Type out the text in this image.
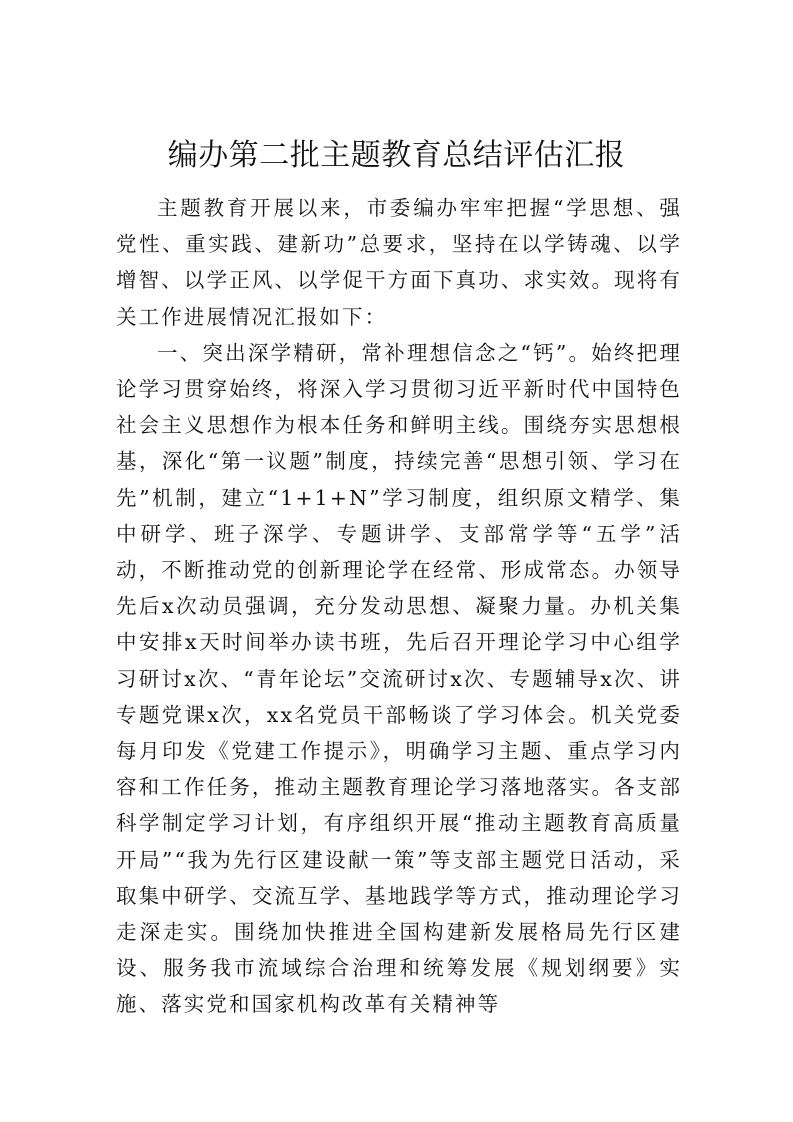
编办第二批主题教育总结评估汇报

主题教育开展以来，市委编办牢牢把握“学思想、强党性、重实践、建新功”总要求，坚持在以学铸魂、以学增智、以学正风、以学促干方面下真功、求实效。现将有关工作进展情况汇报如下：

一、突出深学精研，常补理想信念之“钙”。始终把理论学习贯穿始终，将深入学习贯彻习近平新时代中国特色社会主义思想作为根本任务和鲜明主线。围绕夯实思想根基，深化“第一议题”制度，持续完善“思想引领、学习在先”机制，建立“1+1+N”学习制度，组织原文精学、集中研学、班子深学、专题讲学、支部常学等“五学”活动，不断推动党的创新理论学在经常、形成常态。办领导先后x次动员强调，充分发动思想、凝聚力量。办机关集中安排x天时间举办读书班，先后召开理论学习中心组学习研讨x次、“青年论坛”交流研讨x次、专题辅导x次、讲专题党课x次，xx名党员干部畅谈了学习体会。机关党委每月印发《党建工作提示》，明确学习主题、重点学习内容和工作任务，推动主题教育理论学习落地落实。各支部科学制定学习计划，有序组织开展“推动主题教育高质量开局”“我为先行区建设献一策”等支部主题党日活动，采取集中研学、交流互学、基地践学等方式，推动理论学习走深走实。围绕加快推进全国构建新发展格局先行区建设、服务我市流域综合治理和统筹发展《规划纲要》实施、落实党和国家机构改革有关精神等
